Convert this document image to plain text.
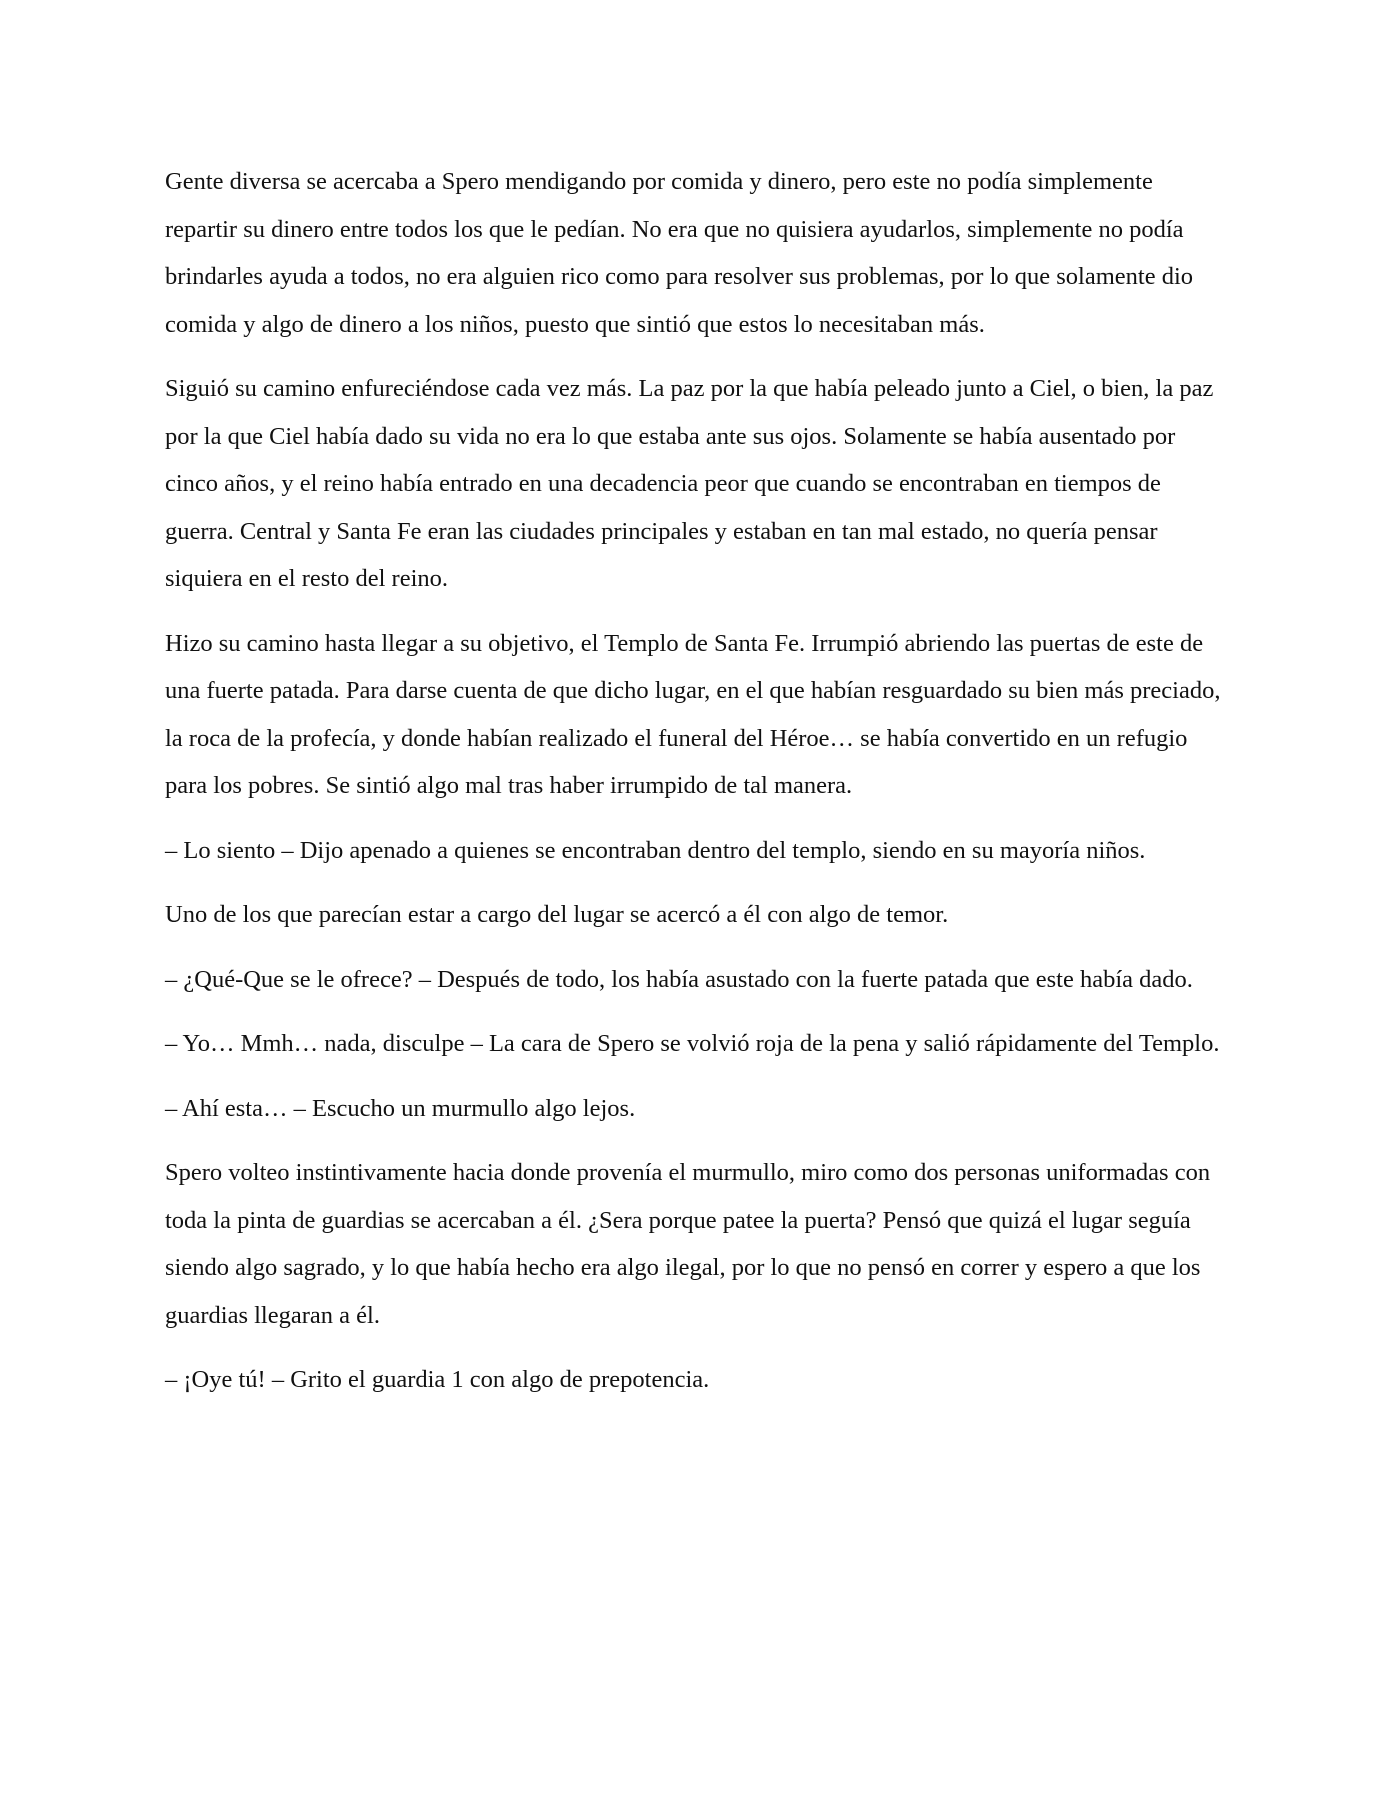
Gente diversa se acercaba a Spero mendigando por comida y dinero, pero este no podía simplemente repartir su dinero entre todos los que le pedían. No era que no quisiera ayudarlos, simplemente no podía brindarles ayuda a todos, no era alguien rico como para resolver sus problemas, por lo que solamente dio comida y algo de dinero a los niños, puesto que sintió que estos lo necesitaban más.

Siguió su camino enfureciéndose cada vez más. La paz por la que había peleado junto a Ciel, o bien, la paz por la que Ciel había dado su vida no era lo que estaba ante sus ojos. Solamente se había ausentado por cinco años, y el reino había entrado en una decadencia peor que cuando se encontraban en tiempos de guerra. Central y Santa Fe eran las ciudades principales y estaban en tan mal estado, no quería pensar siquiera en el resto del reino.

Hizo su camino hasta llegar a su objetivo, el Templo de Santa Fe. Irrumpió abriendo las puertas de este de una fuerte patada. Para darse cuenta de que dicho lugar, en el que habían resguardado su bien más preciado, la roca de la profecía, y donde habían realizado el funeral del Héroe… se había convertido en un refugio para los pobres. Se sintió algo mal tras haber irrumpido de tal manera.

– Lo siento – Dijo apenado a quienes se encontraban dentro del templo, siendo en su mayoría niños.

Uno de los que parecían estar a cargo del lugar se acercó a él con algo de temor.

– ¿Qué-Que se le ofrece? – Después de todo, los había asustado con la fuerte patada que este había dado.

– Yo… Mmh… nada, disculpe – La cara de Spero se volvió roja de la pena y salió rápidamente del Templo.

– Ahí esta… – Escucho un murmullo algo lejos.

Spero volteo instintivamente hacia donde provenía el murmullo, miro como dos personas uniformadas con toda la pinta de guardias se acercaban a él. ¿Sera porque patee la puerta? Pensó que quizá el lugar seguía siendo algo sagrado, y lo que había hecho era algo ilegal, por lo que no pensó en correr y espero a que los guardias llegaran a él.

– ¡Oye tú! – Grito el guardia 1 con algo de prepotencia.
